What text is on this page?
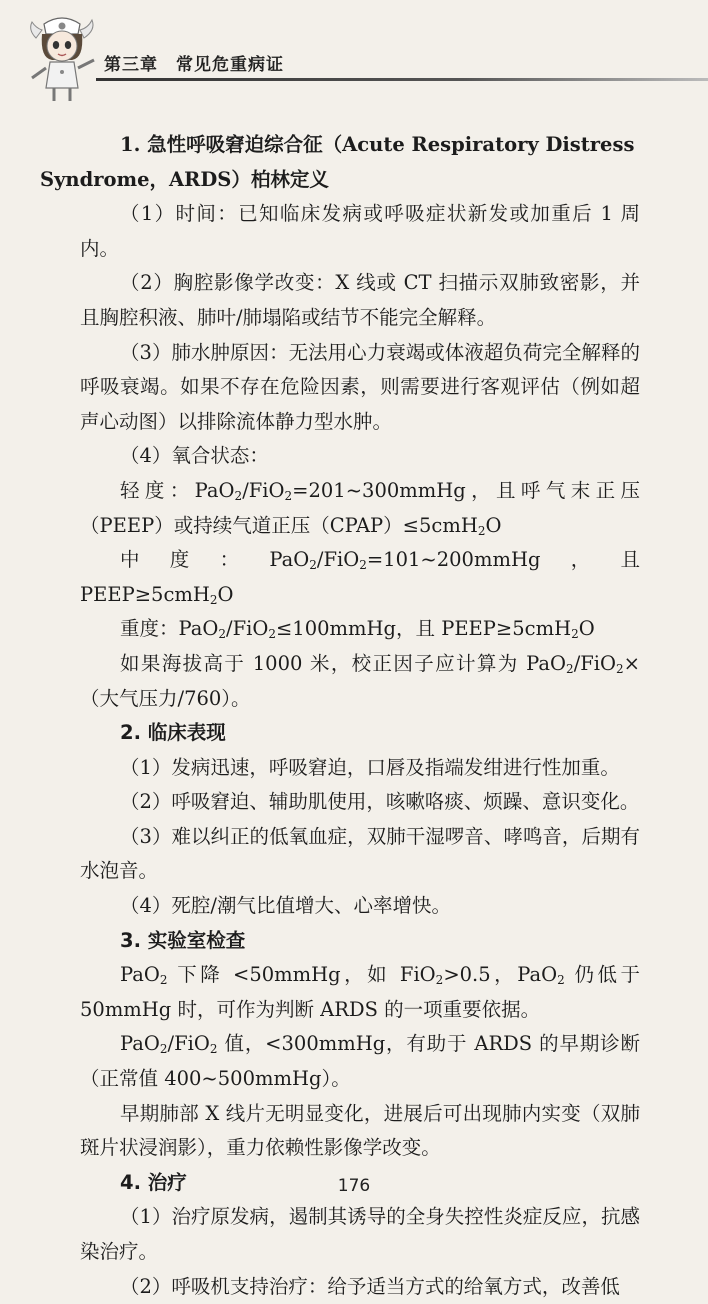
第三章　常见危重病证

1. 急性呼吸窘迫综合征（Acute Respiratory Distress
Syndrome，ARDS）柏林定义

（1）时间：已知临床发病或呼吸症状新发或加重后 1 周内。

（2）胸腔影像学改变：X 线或 CT 扫描示双肺致密影，并且胸腔积液、肺叶/肺塌陷或结节不能完全解释。

（3）肺水肿原因：无法用心力衰竭或体液超负荷完全解释的呼吸衰竭。如果不存在危险因素，则需要进行客观评估（例如超声心动图）以排除流体静力型水肿。

（4）氧合状态：

轻度：PaO$_2$/FiO$_2$=201~300mmHg，且呼气末正压（PEEP）或持续气道正压（CPAP）≤5cmH$_2$O

中度：PaO$_2$/FiO$_2$=101~200mmHg，且 PEEP≥5cmH$_2$O

重度：PaO$_2$/FiO$_2$≤100mmHg，且 PEEP≥5cmH$_2$O

如果海拔高于 1000 米，校正因子应计算为 PaO$_2$/FiO$_2$×（大气压力/760）。

2. 临床表现

（1）发病迅速，呼吸窘迫，口唇及指端发绀进行性加重。

（2）呼吸窘迫、辅助肌使用，咳嗽咯痰、烦躁、意识变化。

（3）难以纠正的低氧血症，双肺干湿啰音、哮鸣音，后期有水泡音。

（4）死腔/潮气比值增大、心率增快。

3. 实验室检查

PaO$_2$ 下降 <50mmHg，如 FiO$_2$>0.5，PaO$_2$ 仍低于 50mmHg 时，可作为判断 ARDS 的一项重要依据。

PaO$_2$/FiO$_2$ 值，<300mmHg，有助于 ARDS 的早期诊断（正常值 400~500mmHg）。

早期肺部 X 线片无明显变化，进展后可出现肺内实变（双肺斑片状浸润影），重力依赖性影像学改变。

4. 治疗

（1）治疗原发病，遏制其诱导的全身失控性炎症反应，抗感染治疗。

（2）呼吸机支持治疗：给予适当方式的给氧方式，改善低

176
